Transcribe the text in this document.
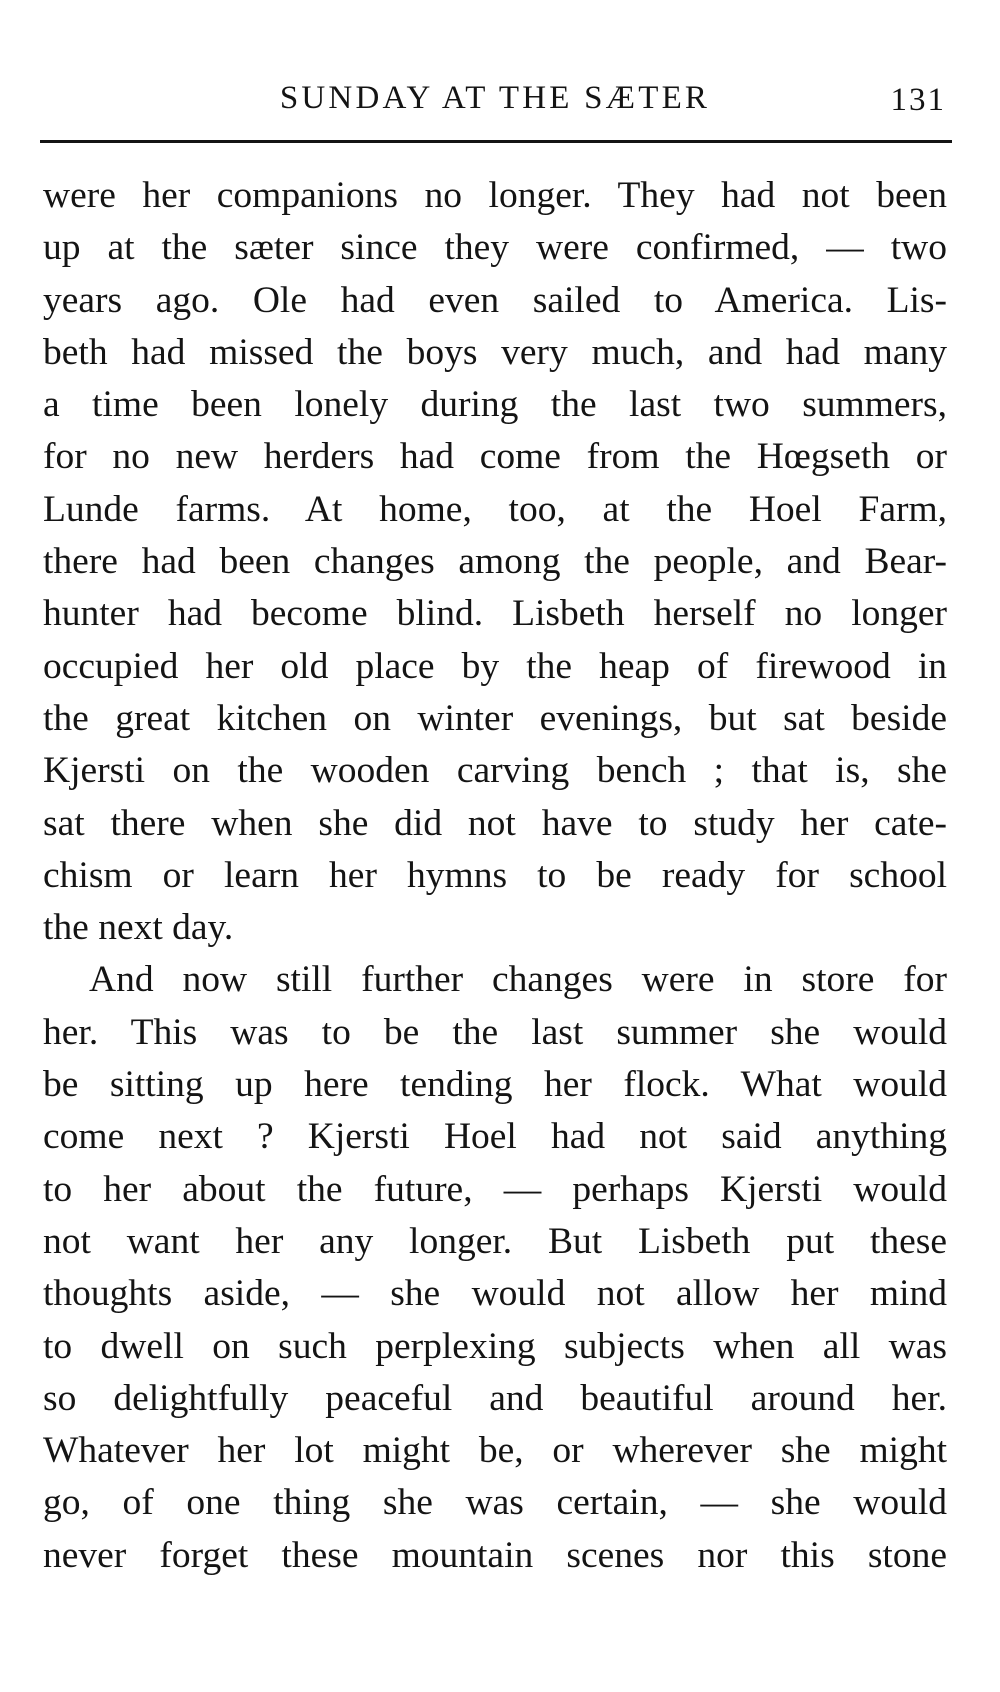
SUNDAY AT THE SÆTER	131
were her companions no longer. They had not been
up at the sæter since they were confirmed, — two
years ago. Ole had even sailed to America. Lis-
beth had missed the boys very much, and had many
a time been lonely during the last two summers,
for no new herders had come from the Hœgseth or
Lunde farms. At home, too, at the Hoel Farm,
there had been changes among the people, and Bear-
hunter had become blind. Lisbeth herself no longer
occupied her old place by the heap of firewood in
the great kitchen on winter evenings, but sat beside
Kjersti on the wooden carving bench ; that is, she
sat there when she did not have to study her cate-
chism or learn her hymns to be ready for school
the next day.
And now still further changes were in store for
her. This was to be the last summer she would
be sitting up here tending her flock. What would
come next ? Kjersti Hoel had not said anything
to her about the future, — perhaps Kjersti would
not want her any longer. But Lisbeth put these
thoughts aside, — she would not allow her mind
to dwell on such perplexing subjects when all was
so delightfully peaceful and beautiful around her.
Whatever her lot might be, or wherever she might
go, of one thing she was certain, — she would
never forget these mountain scenes nor this stone
